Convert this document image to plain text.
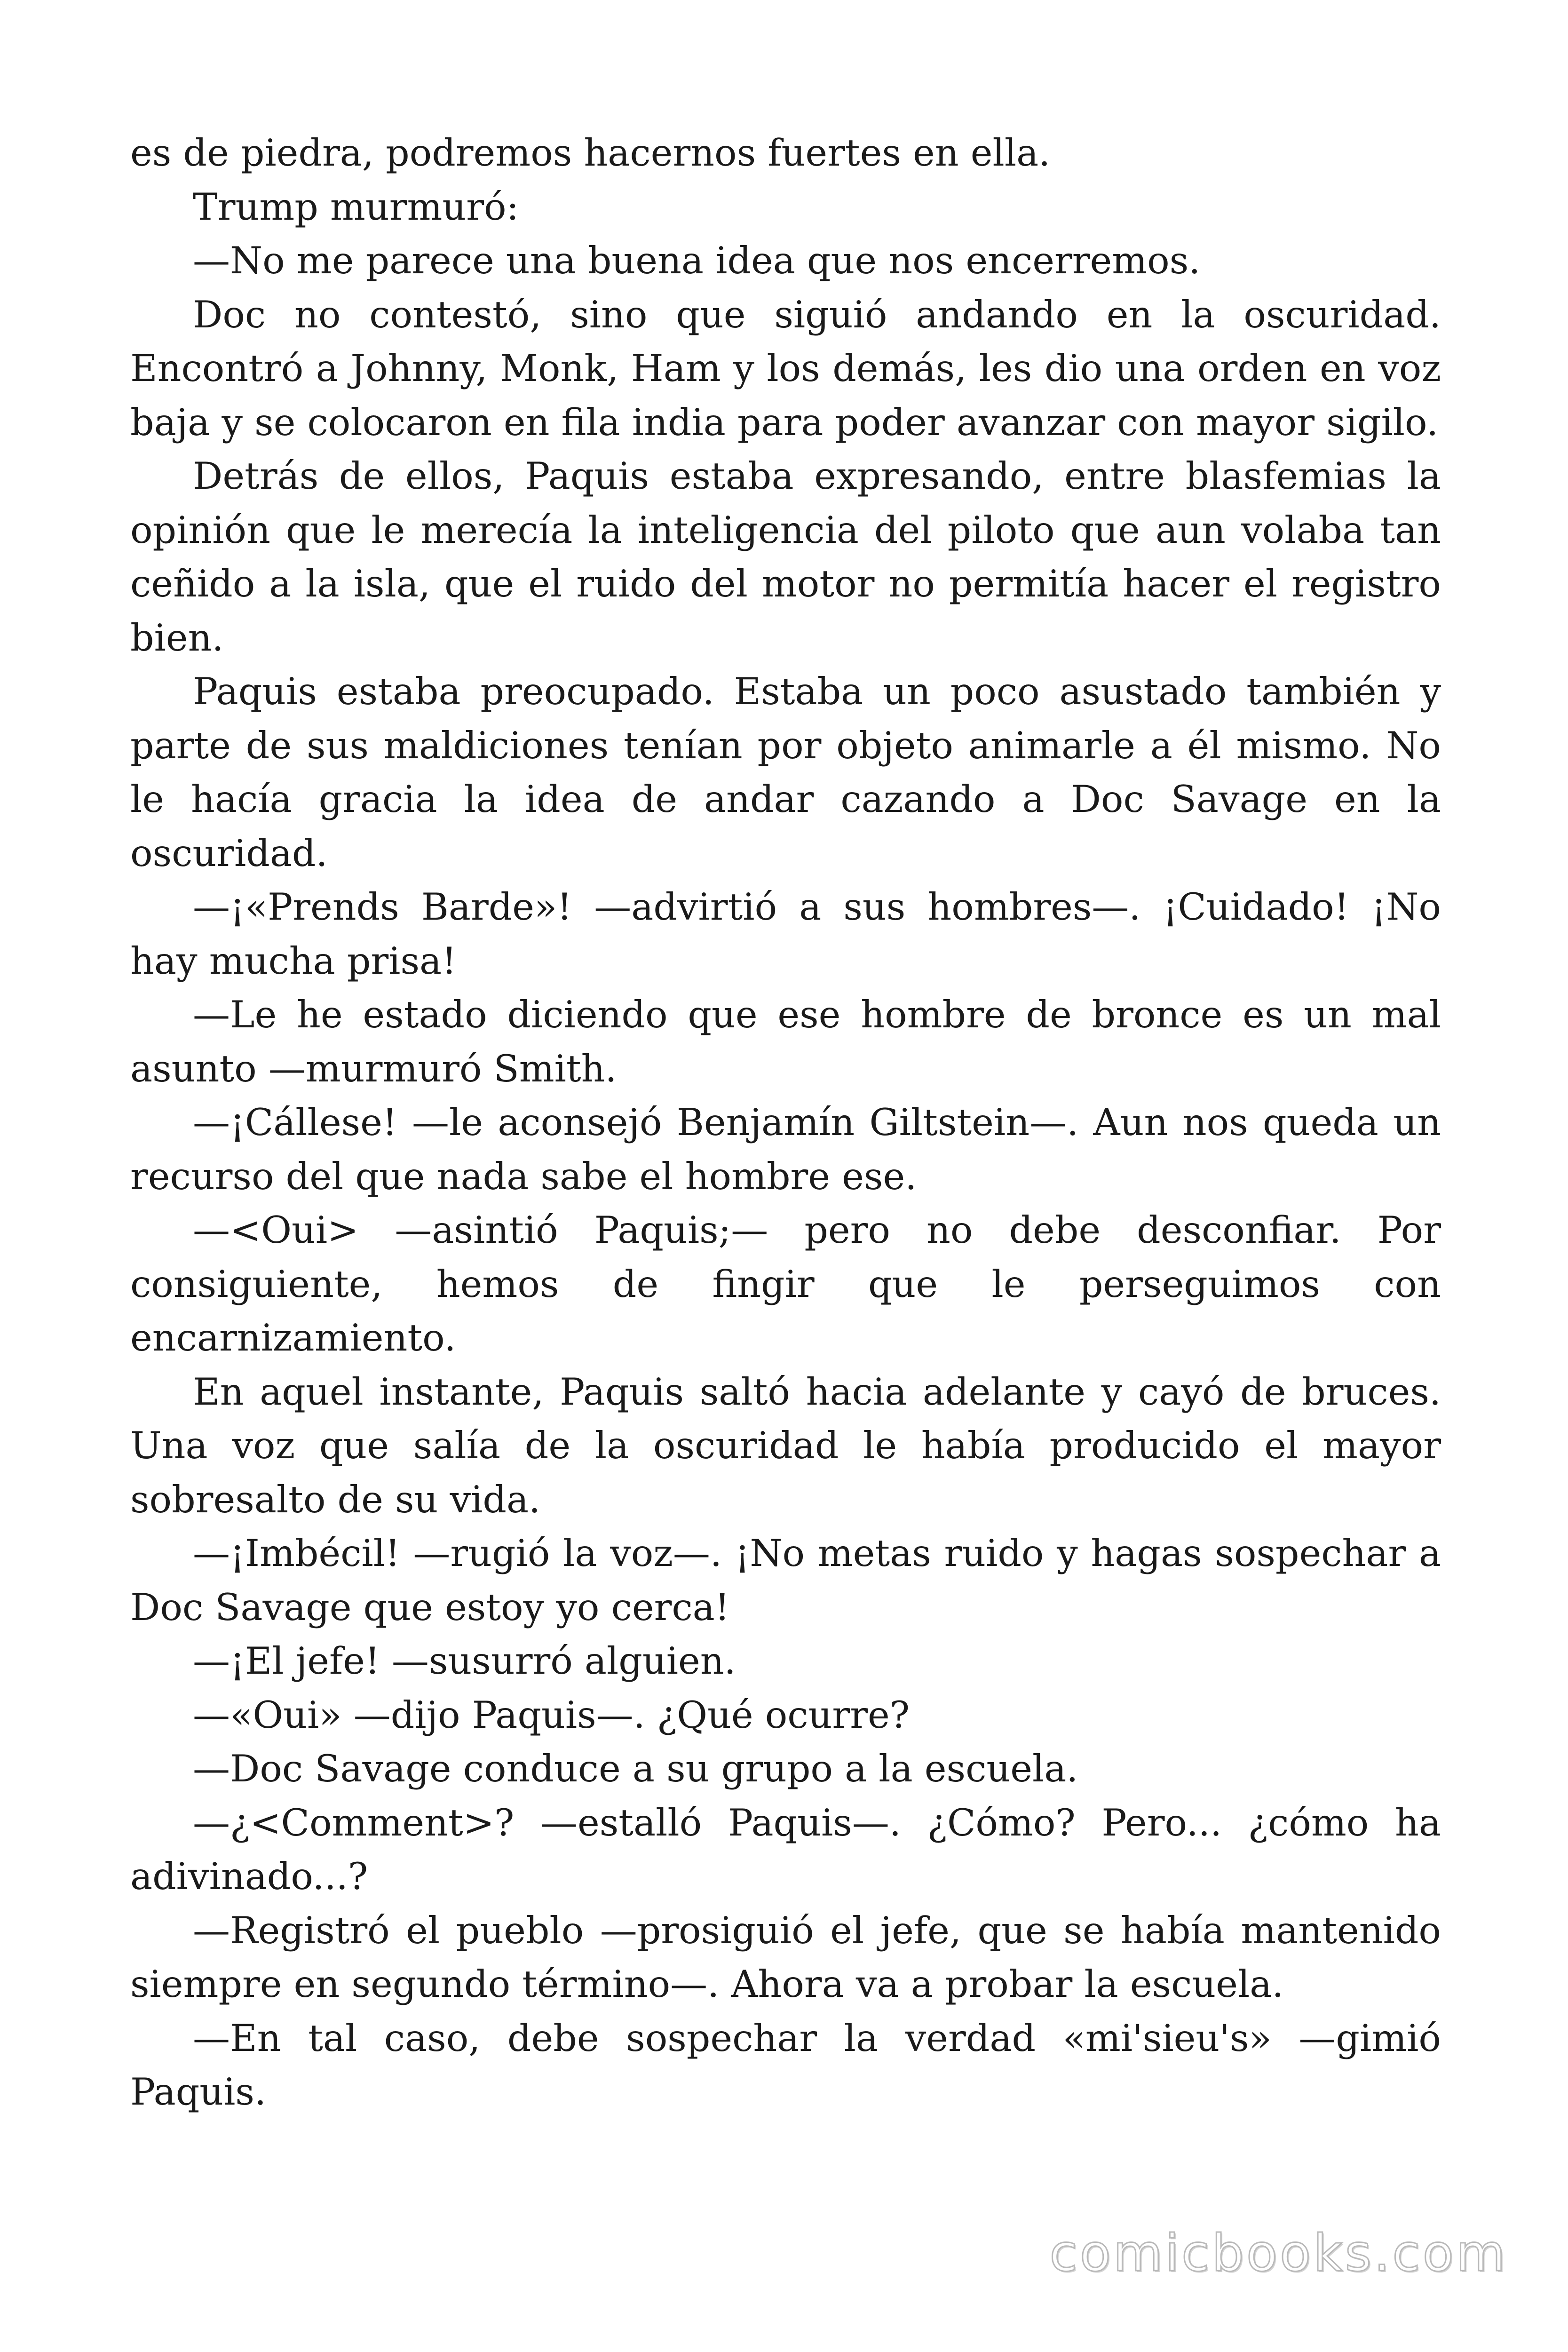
es de piedra, podremos hacernos fuertes en ella.

Trump murmuró:

—No me parece una buena idea que nos encerremos.

Doc no contestó, sino que siguió andando en la oscuridad. Encontró a Johnny, Monk, Ham y los demás, les dio una orden en voz baja y se colocaron en fila india para poder avanzar con mayor sigilo.

Detrás de ellos, Paquis estaba expresando, entre blasfemias la opinión que le merecía la inteligencia del piloto que aun volaba tan ceñido a la isla, que el ruido del motor no permitía hacer el registro bien.

Paquis estaba preocupado. Estaba un poco asustado también y parte de sus maldiciones tenían por objeto animarle a él mismo. No le hacía gracia la idea de andar cazando a Doc Savage en la oscuridad.

—¡«Prends Barde»! —advirtió a sus hombres—. ¡Cuidado! ¡No hay mucha prisa!

—Le he estado diciendo que ese hombre de bronce es un mal asunto —murmuró Smith.

—¡Cállese! —le aconsejó Benjamín Giltstein—. Aun nos queda un recurso del que nada sabe el hombre ese.

—<Oui> —asintió Paquis;— pero no debe desconfiar. Por consiguiente, hemos de fingir que le perseguimos con encarnizamiento.

En aquel instante, Paquis saltó hacia adelante y cayó de bruces. Una voz que salía de la oscuridad le había producido el mayor sobresalto de su vida.

—¡Imbécil! —rugió la voz—. ¡No metas ruido y hagas sospechar a Doc Savage que estoy yo cerca!

—¡El jefe! —susurró alguien.

—«Oui» —dijo Paquis—. ¿Qué ocurre?

—Doc Savage conduce a su grupo a la escuela.

—¿<Comment>? —estalló Paquis—. ¿Cómo? Pero... ¿cómo ha adivinado...?

—Registró el pueblo —prosiguió el jefe, que se había mantenido siempre en segundo término—. Ahora va a probar la escuela.

—En tal caso, debe sospechar la verdad «mi'sieu's» —gimió Paquis.

comicbooks.com
